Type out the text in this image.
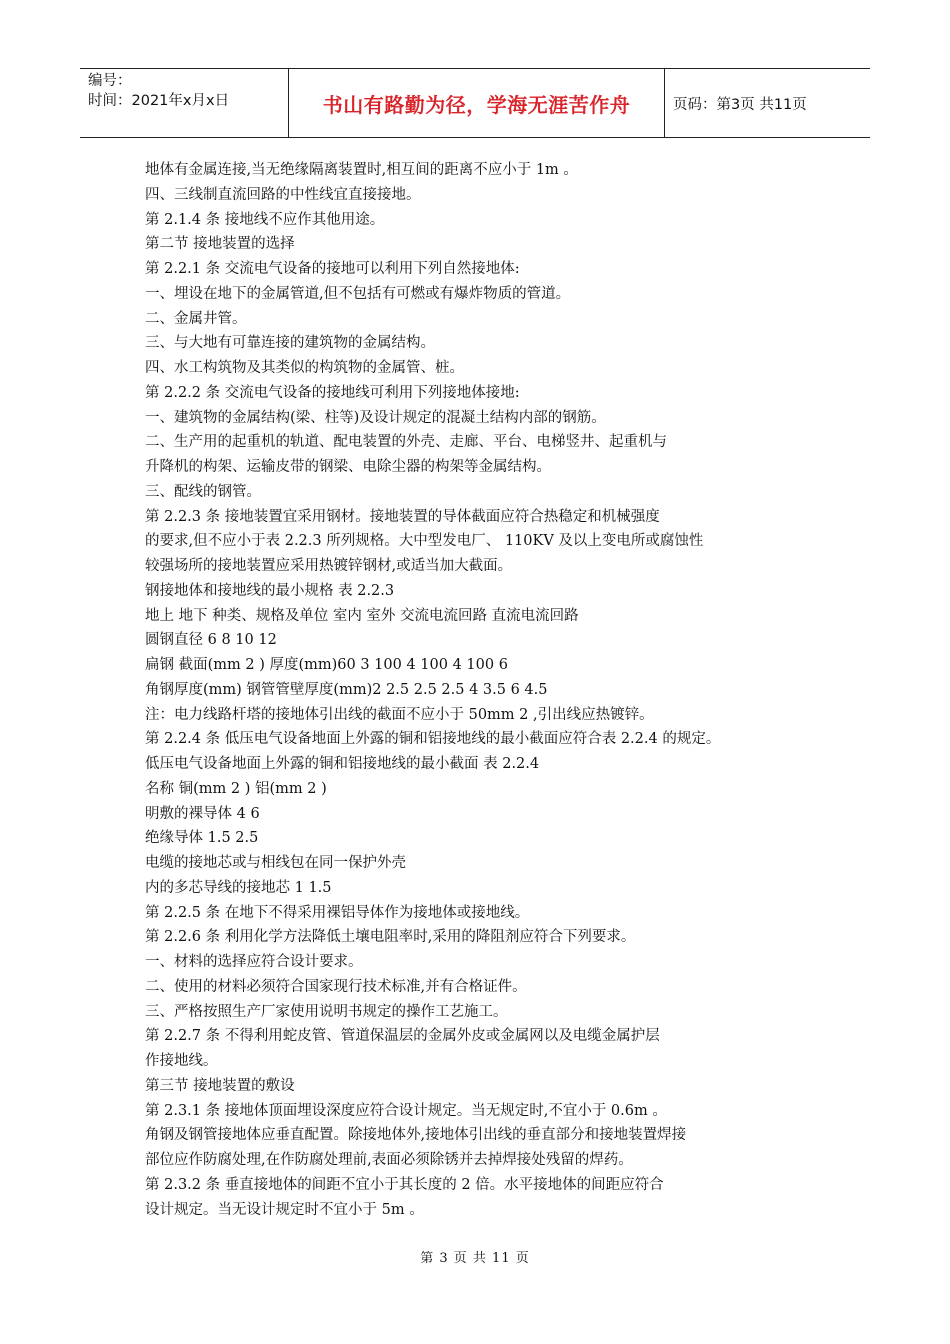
编号：
时间：2021年x月x日	书山有路勤为径，学海无涯苦作舟	页码：第3页 共11页
地体有金属连接,当无绝缘隔离装置时,相互间的距离不应小于 1m 。
四、三线制直流回路的中性线宜直接接地。
第 2.1.4 条 接地线不应作其他用途。
第二节 接地装置的选择
第 2.2.1 条 交流电气设备的接地可以利用下列自然接地体:
一、埋设在地下的金属管道,但不包括有可燃或有爆炸物质的管道。
二、金属井管。
三、与大地有可靠连接的建筑物的金属结构。
四、水工构筑物及其类似的构筑物的金属管、桩。
第 2.2.2 条 交流电气设备的接地线可利用下列接地体接地:
一、建筑物的金属结构(梁、柱等)及设计规定的混凝土结构内部的钢筋。
二、生产用的起重机的轨道、配电装置的外壳、走廊、平台、电梯竖井、起重机与
升降机的构架、运输皮带的钢梁、电除尘器的构架等金属结构。
三、配线的钢管。
第 2.2.3 条 接地装置宜采用钢材。接地装置的导体截面应符合热稳定和机械强度
的要求,但不应小于表 2.2.3 所列规格。大中型发电厂、 110KV 及以上变电所或腐蚀性
较强场所的接地装置应采用热镀锌钢材,或适当加大截面。
钢接地体和接地线的最小规格 表 2.2.3
地上 地下 种类、规格及单位 室内 室外 交流电流回路 直流电流回路
圆钢直径 6 8 10 12
扁钢 截面(mm 2 ) 厚度(mm)60 3 100 4 100 4 100 6
角钢厚度(mm) 钢管管壁厚度(mm)2 2.5 2.5 2.5 4 3.5 6 4.5
注：电力线路杆塔的接地体引出线的截面不应小于 50mm 2 ,引出线应热镀锌。
第 2.2.4 条 低压电气设备地面上外露的铜和铝接地线的最小截面应符合表 2.2.4 的规定。
低压电气设备地面上外露的铜和铝接地线的最小截面 表 2.2.4
名称 铜(mm 2 ) 铝(mm 2 )
明敷的裸导体 4 6
绝缘导体 1.5 2.5
电缆的接地芯或与相线包在同一保护外壳
内的多芯导线的接地芯 1 1.5
第 2.2.5 条 在地下不得采用裸铝导体作为接地体或接地线。
第 2.2.6 条 利用化学方法降低土壤电阻率时,采用的降阻剂应符合下列要求。
一、材料的选择应符合设计要求。
二、使用的材料必须符合国家现行技术标准,并有合格证件。
三、严格按照生产厂家使用说明书规定的操作工艺施工。
第 2.2.7 条 不得利用蛇皮管、管道保温层的金属外皮或金属网以及电缆金属护层
作接地线。
第三节 接地装置的敷设
第 2.3.1 条 接地体顶面埋设深度应符合设计规定。当无规定时,不宜小于 0.6m 。
角钢及钢管接地体应垂直配置。除接地体外,接地体引出线的垂直部分和接地装置焊接
部位应作防腐处理,在作防腐处理前,表面必须除锈并去掉焊接处残留的焊药。
第 2.3.2 条 垂直接地体的间距不宜小于其长度的 2 倍。水平接地体的间距应符合
设计规定。当无设计规定时不宜小于 5m 。
第 3 页 共 11 页
